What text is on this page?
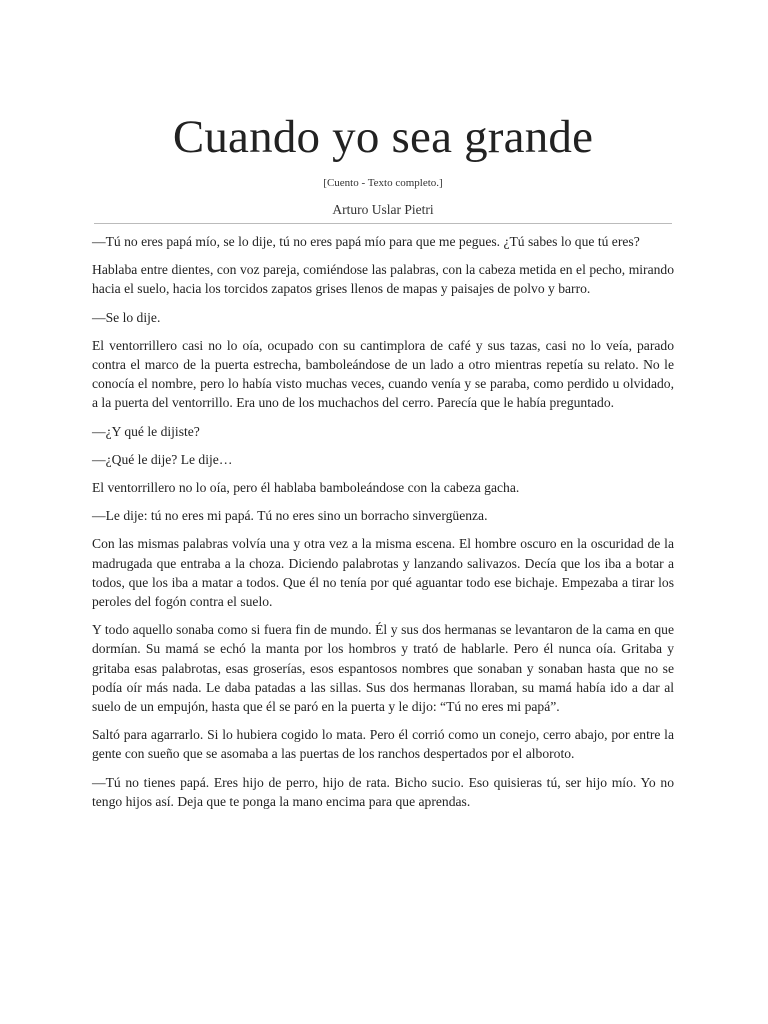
Cuando yo sea grande
[Cuento - Texto completo.]
Arturo Uslar Pietri

—Tú no eres papá mío, se lo dije, tú no eres papá mío para que me pegues. ¿Tú sabes lo que tú eres?

Hablaba entre dientes, con voz pareja, comiéndose las palabras, con la cabeza metida en el pecho, mirando hacia el suelo, hacia los torcidos zapatos grises llenos de mapas y paisajes de polvo y barro.

—Se lo dije.

El ventorrillero casi no lo oía, ocupado con su cantimplora de café y sus tazas, casi no lo veía, parado contra el marco de la puerta estrecha, bamboleándose de un lado a otro mientras repetía su relato. No le conocía el nombre, pero lo había visto muchas veces, cuando venía y se paraba, como perdido u olvidado, a la puerta del ventorrillo. Era uno de los muchachos del cerro. Parecía que le había preguntado.

—¿Y qué le dijiste?

—¿Qué le dije? Le dije…

El ventorrillero no lo oía, pero él hablaba bamboleándose con la cabeza gacha.

—Le dije: tú no eres mi papá. Tú no eres sino un borracho sinvergüenza.

Con las mismas palabras volvía una y otra vez a la misma escena. El hombre oscuro en la oscuridad de la madrugada que entraba a la choza. Diciendo palabrotas y lanzando salivazos. Decía que los iba a botar a todos, que los iba a matar a todos. Que él no tenía por qué aguantar todo ese bichaje. Empezaba a tirar los peroles del fogón contra el suelo.

Y todo aquello sonaba como si fuera fin de mundo. Él y sus dos hermanas se levantaron de la cama en que dormían. Su mamá se echó la manta por los hombros y trató de hablarle. Pero él nunca oía. Gritaba y gritaba esas palabrotas, esas groserías, esos espantosos nombres que sonaban y sonaban hasta que no se podía oír más nada. Le daba patadas a las sillas. Sus dos hermanas lloraban, su mamá había ido a dar al suelo de un empujón, hasta que él se paró en la puerta y le dijo: “Tú no eres mi papá”.

Saltó para agarrarlo. Si lo hubiera cogido lo mata. Pero él corrió como un conejo, cerro abajo, por entre la gente con sueño que se asomaba a las puertas de los ranchos despertados por el alboroto.

—Tú no tienes papá. Eres hijo de perro, hijo de rata. Bicho sucio. Eso quisieras tú, ser hijo mío. Yo no tengo hijos así. Deja que te ponga la mano encima para que aprendas.
